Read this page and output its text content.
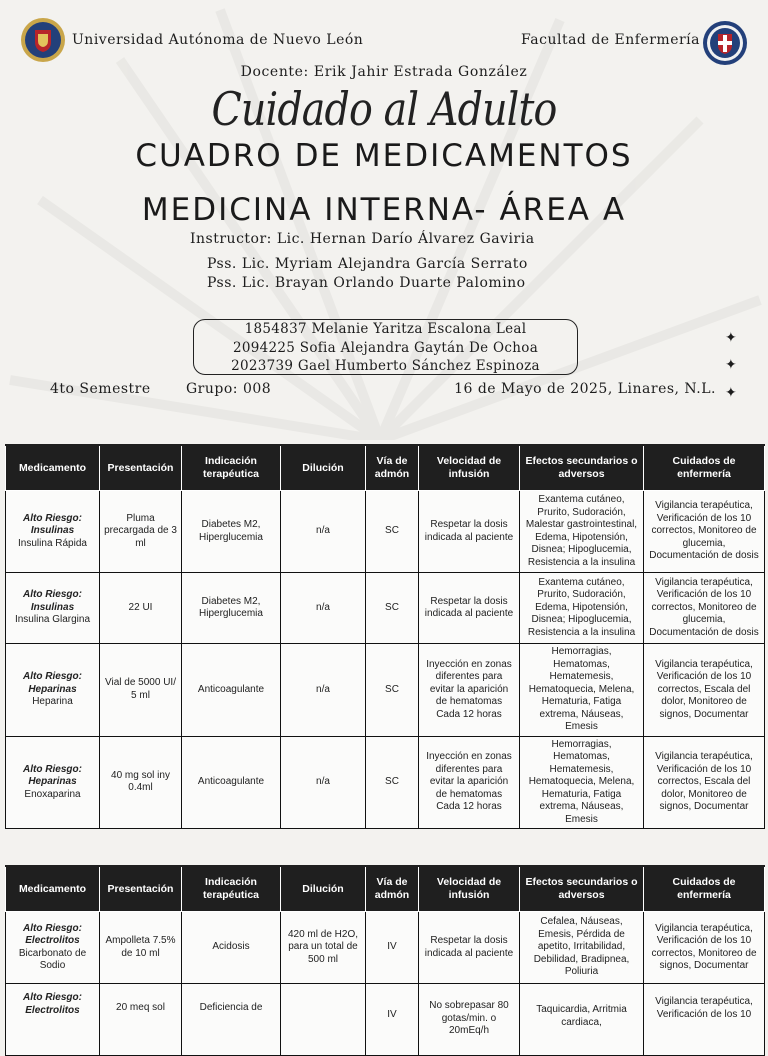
Universidad Autónoma de Nuevo León	Facultad de Enfermería
Docente: Erik Jahir Estrada González
Cuidado al Adulto
CUADRO DE MEDICAMENTOS
MEDICINA INTERNA- ÁREA A
Instructor: Lic. Hernan Darío Álvarez Gaviria
Pss. Lic. Myriam Alejandra García Serrato
Pss. Lic. Brayan Orlando Duarte Palomino
1854837 Melanie Yaritza Escalona Leal
2094225 Sofia Alejandra Gaytán De Ochoa
2023739 Gael Humberto Sánchez Espinoza
✦
✦
✦
4to Semestre	Grupo: 008	16 de Mayo de 2025, Linares, N.L.
Medicamento	Presentación	Indicación terapéutica	Dilución	Vía de admón	Velocidad de infusión	Efectos secundarios o adversos	Cuidados de enfermería

Alto Riesgo:
Insulinas
Insulina Rápida	Pluma precargada de 3 ml	Diabetes M2, Hiperglucemia	n/a	SC	Respetar la dosis indicada al paciente	Exantema cutáneo, Prurito, Sudoración, Malestar gastrointestinal, Edema, Hipotensión, Disnea; Hipoglucemia, Resistencia a la insulina	Vigilancia terapéutica, Verificación de los 10 correctos, Monitoreo de glucemia, Documentación de dosis

Alto Riesgo:
Insulinas
Insulina Glargina	22 UI	Diabetes M2, Hiperglucemia	n/a	SC	Respetar la dosis indicada al paciente	Exantema cutáneo, Prurito, Sudoración, Edema, Hipotensión, Disnea; Hipoglucemia, Resistencia a la insulina	Vigilancia terapéutica, Verificación de los 10 correctos, Monitoreo de glucemia, Documentación de dosis

Alto Riesgo:
Heparinas
Heparina	Vial de 5000 UI/ 5 ml	Anticoagulante	n/a	SC	Inyección en zonas diferentes para evitar la aparición de hematomas Cada 12 horas	Hemorragias, Hematomas, Hematemesis, Hematoquecia, Melena, Hematuria, Fatiga extrema, Náuseas, Emesis	Vigilancia terapéutica, Verificación de los 10 correctos, Escala del dolor, Monitoreo de signos, Documentar

Alto Riesgo:
Heparinas
Enoxaparina	40 mg sol iny 0.4ml	Anticoagulante	n/a	SC	Inyección en zonas diferentes para evitar la aparición de hematomas Cada 12 horas	Hemorragias, Hematomas, Hematemesis, Hematoquecia, Melena, Hematuria, Fatiga extrema, Náuseas, Emesis	Vigilancia terapéutica, Verificación de los 10 correctos, Escala del dolor, Monitoreo de signos, Documentar
Medicamento	Presentación	Indicación terapéutica	Dilución	Vía de admón	Velocidad de infusión	Efectos secundarios o adversos	Cuidados de enfermería

Alto Riesgo:
Electrolitos
Bicarbonato de Sodio	Ampolleta 7.5% de 10 ml	Acidosis	420 ml de H2O, para un total de 500 ml	IV	Respetar la dosis indicada al paciente	Cefalea, Náuseas, Emesis, Pérdida de apetito, Irritabilidad, Debilidad, Bradipnea, Poliuria	Vigilancia terapéutica, Verificación de los 10 correctos, Monitoreo de signos, Documentar

Alto Riesgo:
Electrolitos	20 meq sol	Deficiencia de		IV	No sobrepasar 80 gotas/min. o 20mEq/h	Taquicardia, Arritmia cardiaca,	Vigilancia terapéutica, Verificación de los 10
